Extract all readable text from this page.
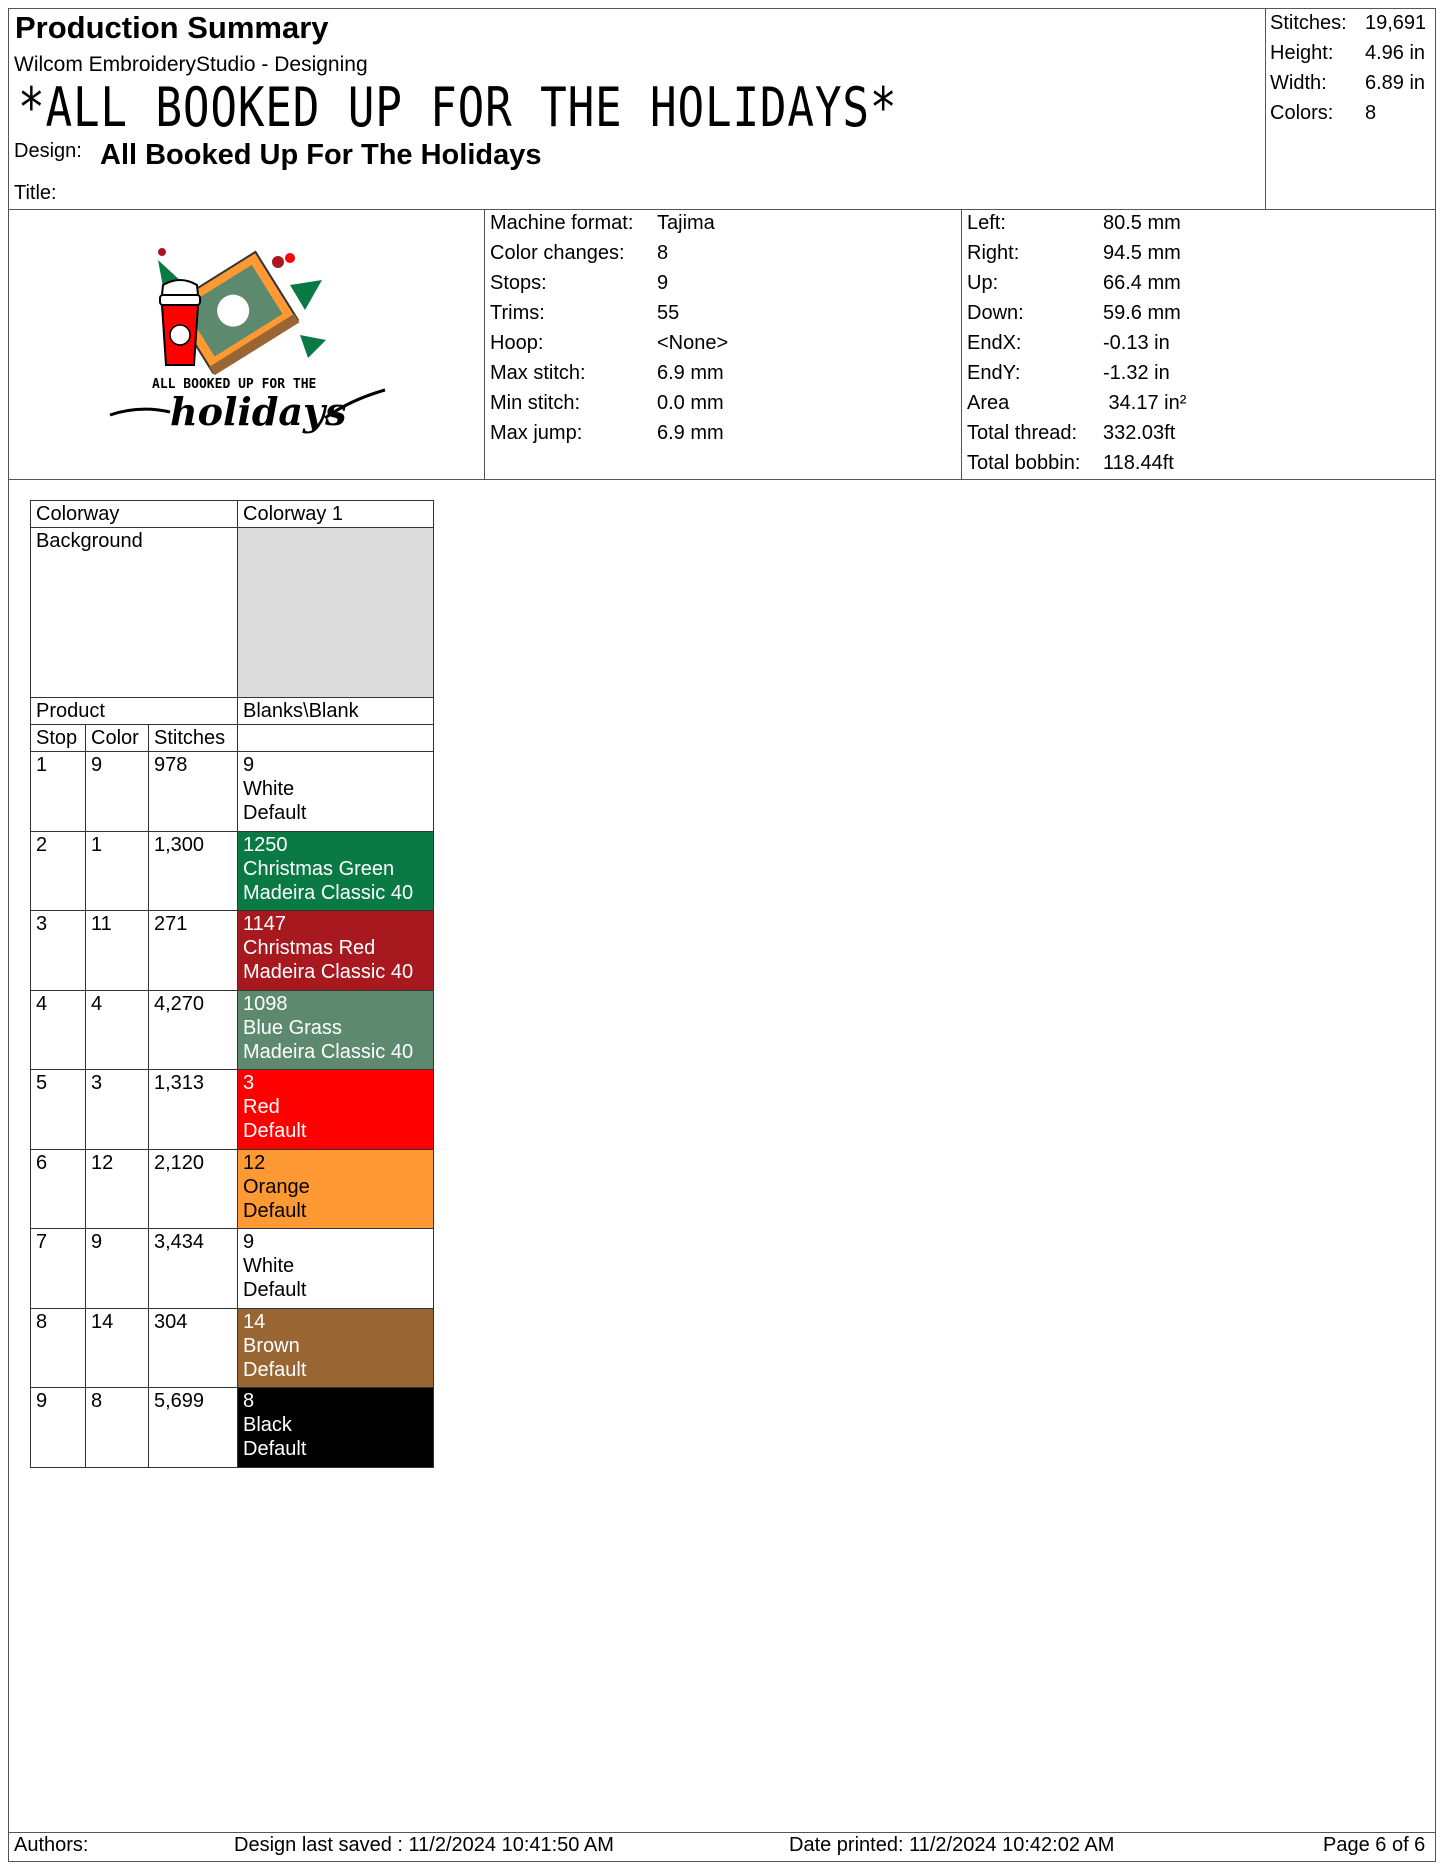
Production Summary
Wilcom EmbroideryStudio - Designing
*ALL BOOKED UP FOR THE HOLIDAYS*
Design: All Booked Up For The Holidays
Title:
Stitches: 19,691
Height: 4.96 in
Width: 6.89 in
Colors: 8
ALL BOOKED UP FOR THE
holidays
Machine format: Tajima
Color changes: 8
Stops:	9
Trims:	55
Hoop:	<None>
Max stitch:	6.9 mm
Min stitch:	0.0 mm
Max jump:	6.9 mm
Left:	80.5 mm
Right:	94.5 mm
Up:	66.4 mm
Down:	59.6 mm
EndX:	-0.13 in
EndY:	-1.32 in
Area	34.17 in²
Total thread: 332.03ft
Total bobbin: 118.44ft
Colorway			Colorway 1
Background			
Product			Blanks\Blank
Stop	Color	Stitches	
1	9	978	9
White
Default

2	1	1,300	1250
Christmas Green
Madeira Classic 40

3	11	271	1147
Christmas Red
Madeira Classic 40

4	4	4,270	1098
Blue Grass
Madeira Classic 40

5	3	1,313	3
Red
Default

6	12	2,120	12
Orange
Default

7	9	3,434	9
White
Default

8	14	304	14
Brown
Default

9	8	5,699	8
Black
Default
Authors:	Design last saved : 11/2/2024 10:41:50 AM	Date printed: 11/2/2024 10:42:02 AM	Page 6 of 6
